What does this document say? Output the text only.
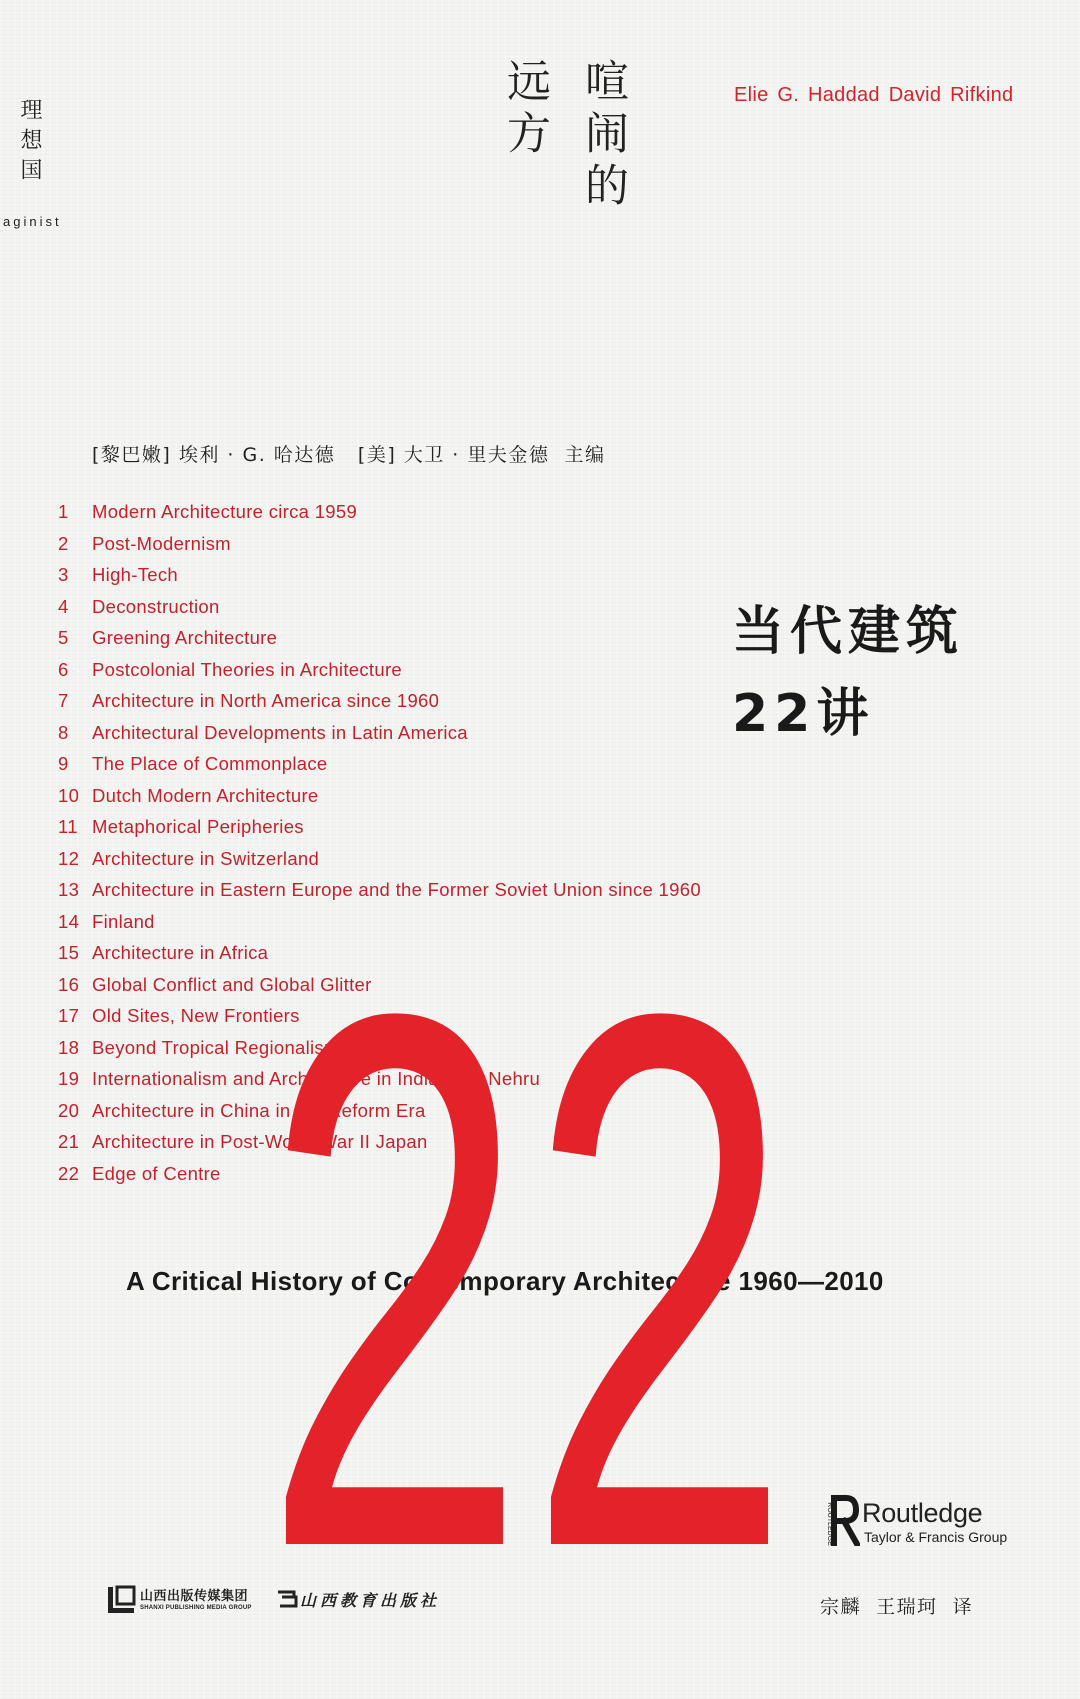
理想国
aginist
喧闹的
远方	Elie G. Haddad David Rifkind
[黎巴嫩] 埃利 · G. 哈达德   [美] 大卫 · 里夫金德  主编
1 Modern Architecture circa 1959
2 Post-Modernism
3 High-Tech
4 Deconstruction
5 Greening Architecture
6 Postcolonial Theories in Architecture
7 Architecture in North America since 1960
8 Architectural Developments in Latin America
9 The Place of Commonplace
10 Dutch Modern Architecture
11 Metaphorical Peripheries
12 Architecture in Switzerland
13 Architecture in Eastern Europe and the Former Soviet Union since 1960
14 Finland
15 Architecture in Africa
16 Global Conflict and Global Glitter
17 Old Sites, New Frontiers
18 Beyond Tropical Regionalism
19 Internationalism and Architecture in India after Nehru
20 Architecture in China in the Reform Era
21 Architecture in Post-World War II Japan
22 Edge of Centre
当代建筑
22讲
A Critical History of Contemporary Architecture 1960—2010
22	ROUTLEDGE Routledge
Taylor & Francis Group
山西出版传媒集团
SHANXI PUBLISHING MEDIA GROUP	山西教育出版社	宗麟  王瑞珂  译
